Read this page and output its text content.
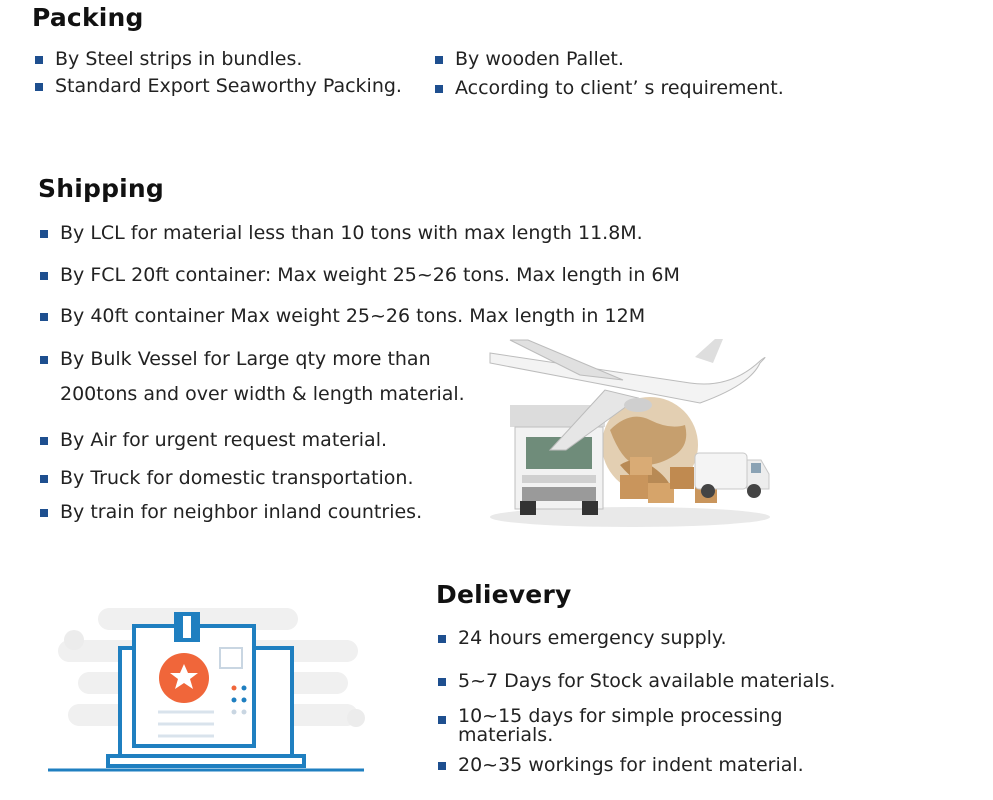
Packing
By Steel strips in bundles.
Standard Export Seaworthy Packing.
By wooden Pallet.
According to client’ s requirement.
Shipping
By LCL for material less than 10 tons with max length 11.8M.
By FCL 20ft container: Max weight 25~26 tons. Max length in 6M
By 40ft container Max weight 25~26 tons. Max length in 12M
By Bulk Vessel for Large qty more than
200tons and over width & length material.
By Air for urgent request material.
By Truck for domestic transportation.
By train for neighbor inland countries.
Delievery
24 hours emergency supply.
5~7 Days for Stock available materials.
10~15 days for simple processing
materials.
20~35 workings for indent material.
